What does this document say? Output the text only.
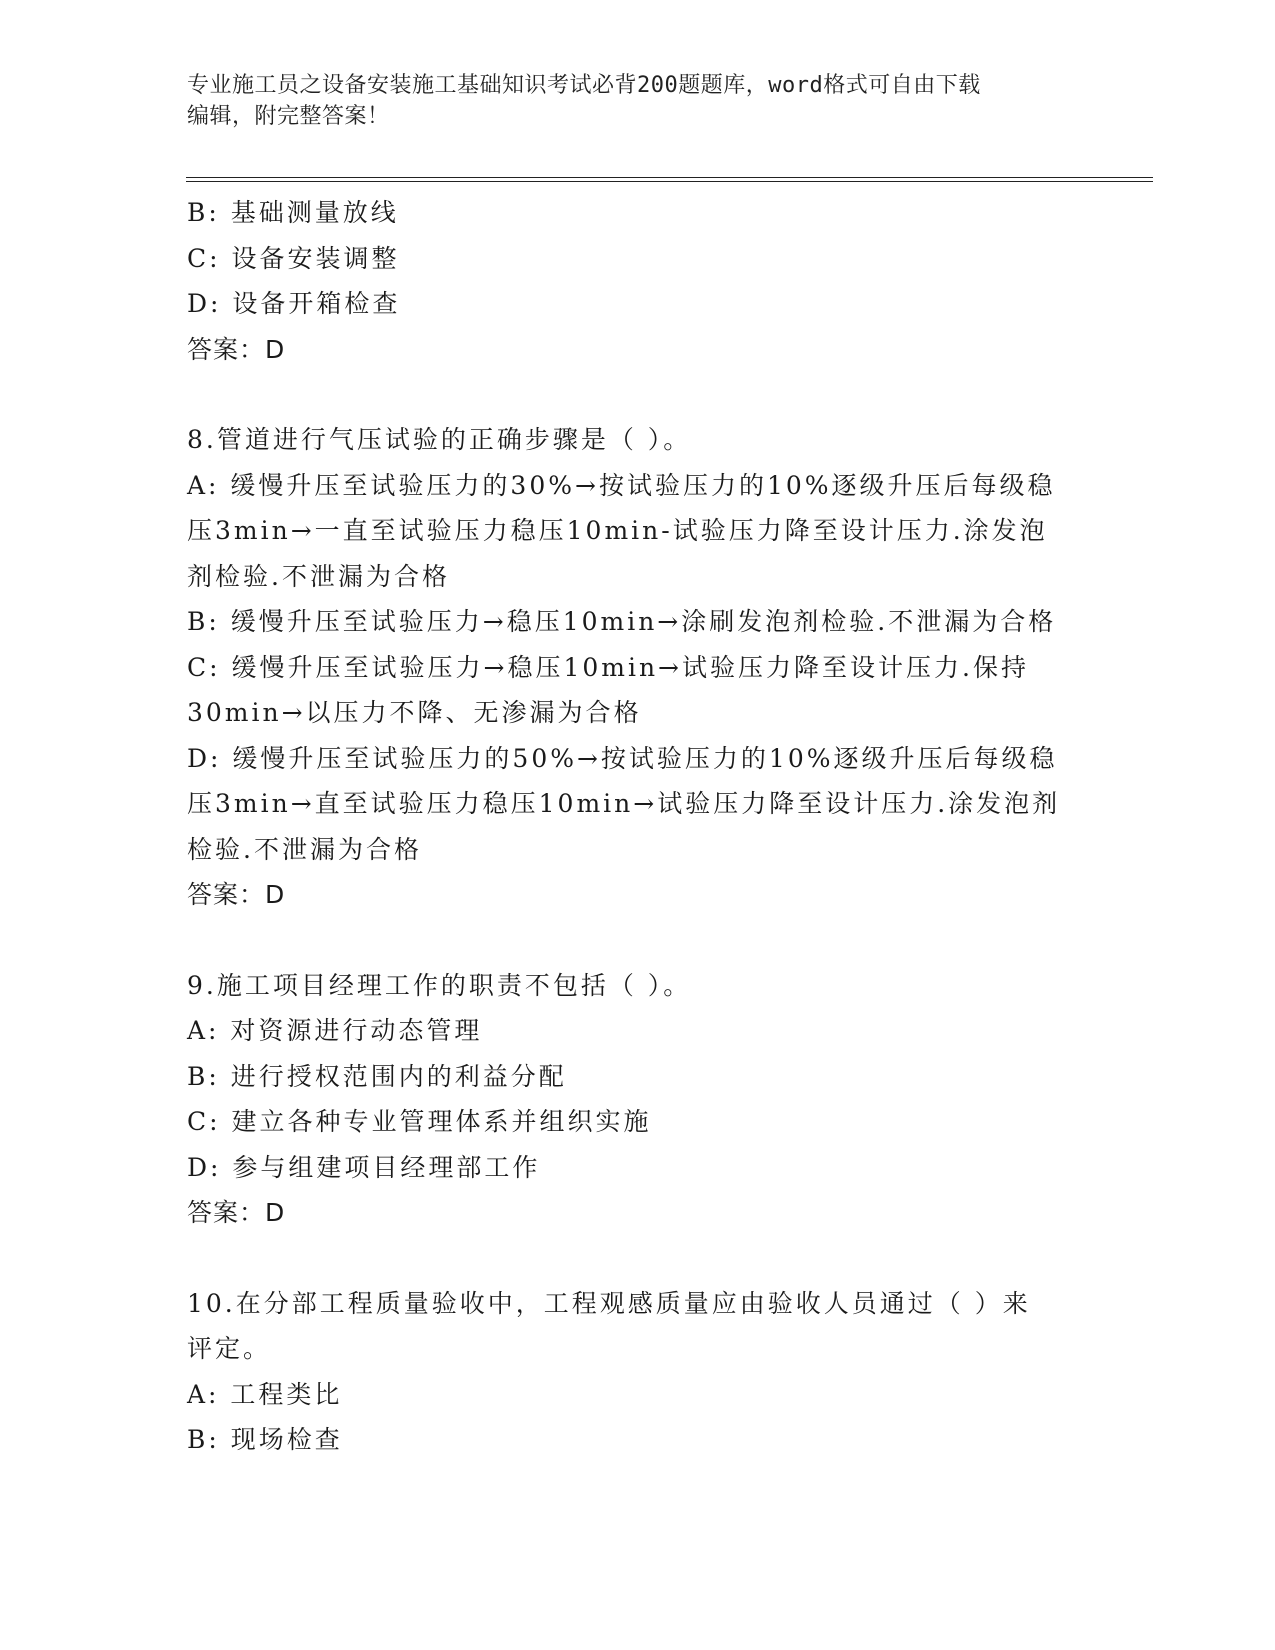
专业施工员之设备安装施工基础知识考试必背200题题库，word格式可自由下载
编辑，附完整答案！
B: 基础测量放线
C: 设备安装调整
D: 设备开箱检查
答案：D
8.管道进行气压试验的正确步骤是（ ）。
A: 缓慢升压至试验压力的30%→按试验压力的10%逐级升压后每级稳
压3min→一直至试验压力稳压10min-试验压力降至设计压力.涂发泡
剂检验.不泄漏为合格
B: 缓慢升压至试验压力→稳压10min→涂刷发泡剂检验.不泄漏为合格
C: 缓慢升压至试验压力→稳压10min→试验压力降至设计压力.保持
30min→以压力不降、无渗漏为合格
D: 缓慢升压至试验压力的50%→按试验压力的10%逐级升压后每级稳
压3min→直至试验压力稳压10min→试验压力降至设计压力.涂发泡剂
检验.不泄漏为合格
答案：D
9.施工项目经理工作的职责不包括（ ）。
A: 对资源进行动态管理
B: 进行授权范围内的利益分配
C: 建立各种专业管理体系并组织实施
D: 参与组建项目经理部工作
答案：D
10.在分部工程质量验收中，工程观感质量应由验收人员通过（ ）来
评定。
A: 工程类比
B: 现场检查
